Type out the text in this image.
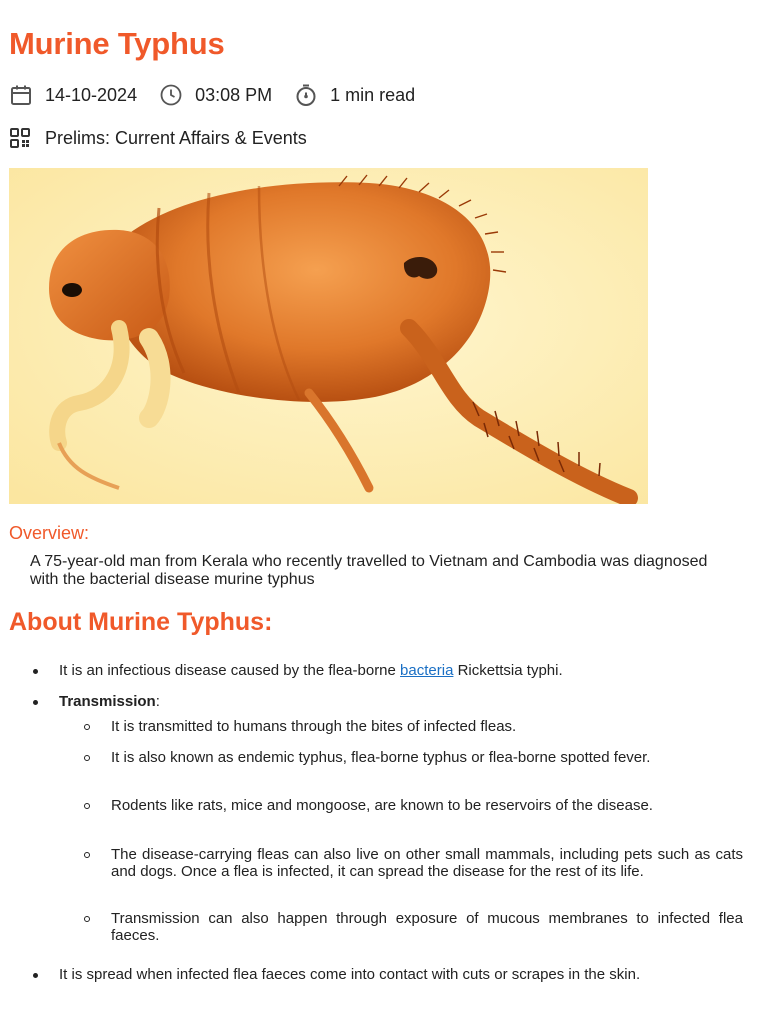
Murine Typhus
14-10-2024	03:08 PM	1 min read
Prelims: Current Affairs & Events
Overview:

A 75-year-old man from Kerala who recently travelled to Vietnam and Cambodia was diagnosed with the bacterial disease murine typhus

About Murine Typhus:
It is an infectious disease caused by the flea-borne bacteria Rickettsia typhi.
Transmission:
It is transmitted to humans through the bites of infected fleas.
It is also known as endemic typhus, flea-borne typhus or flea-borne spotted fever.
Rodents like rats, mice and mongoose, are known to be reservoirs of the disease.
The disease-carrying fleas can also live on other small mammals, including pets such as cats and dogs. Once a flea is infected, it can spread the disease for the rest of its life.
Transmission can also happen through exposure of mucous membranes to infected flea faeces.
It is spread when infected flea faeces come into contact with cuts or scrapes in the skin.
